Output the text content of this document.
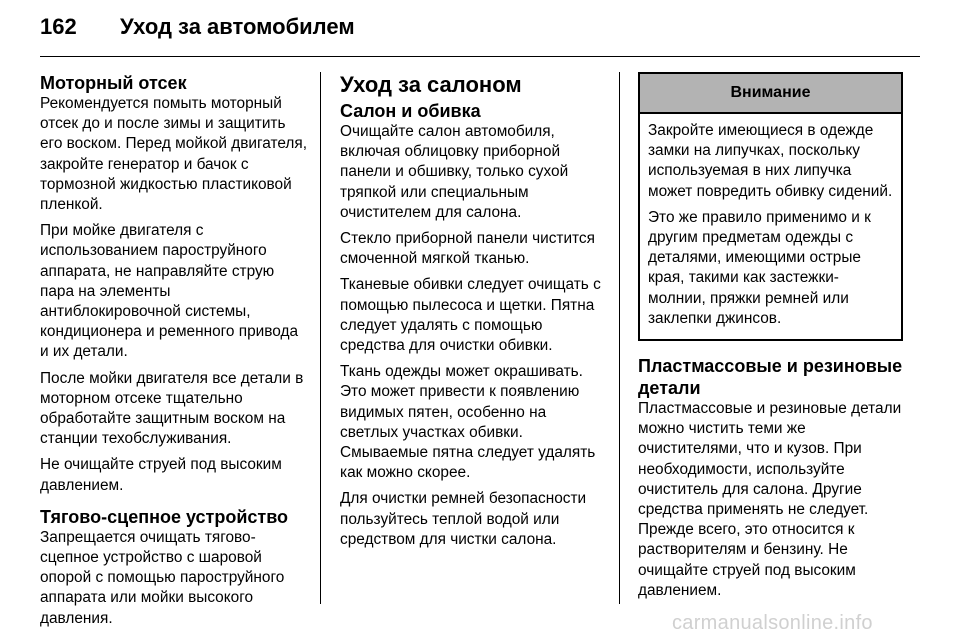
162 Уход за автомобилем
Моторный отсек

Рекомендуется помыть моторный отсек до и после зимы и защитить его воском. Перед мойкой двигателя, закройте генератор и бачок с тормозной жидкостью пластиковой пленкой.

При мойке двигателя с использованием пароструйного аппарата, не направляйте струю пара на элементы антиблокировочной системы, кондиционера и ременного привода и их детали.

После мойки двигателя все детали в моторном отсеке тщательно обработайте защитным воском на станции техобслуживания.

Не очищайте струей под высоким давлением.

Тягово-сцепное устройство

Запрещается очищать тягово-сцепное устройство с шаровой опорой с помощью пароструйного аппарата или мойки высокого давления.

Уход за салоном
Салон и обивка

Очищайте салон автомобиля, включая облицовку приборной панели и обшивку, только сухой тряпкой или специальным очистителем для салона.

Стекло приборной панели чистится смоченной мягкой тканью.

Тканевые обивки следует очищать с помощью пылесоса и щетки. Пятна следует удалять с помощью средства для очистки обивки.

Ткань одежды может окрашивать. Это может привести к появлению видимых пятен, особенно на светлых участках обивки. Смываемые пятна следует удалять как можно скорее.

Для очистки ремней безопасности пользуйтесь теплой водой или средством для чистки салона.

Внимание

Закройте имеющиеся в одежде замки на липучках, поскольку используемая в них липучка может повредить обивку сидений.

Это же правило применимо и к другим предметам одежды с деталями, имеющими острые края, такими как застежки-молнии, пряжки ремней или заклепки джинсов.

Пластмассовые и резиновые детали

Пластмассовые и резиновые детали можно чистить теми же очистителями, что и кузов. При необходимости, используйте очиститель для салона. Другие средства применять не следует. Прежде всего, это относится к растворителям и бензину. Не очищайте струей под высоким давлением.

carmanualsonline.info
